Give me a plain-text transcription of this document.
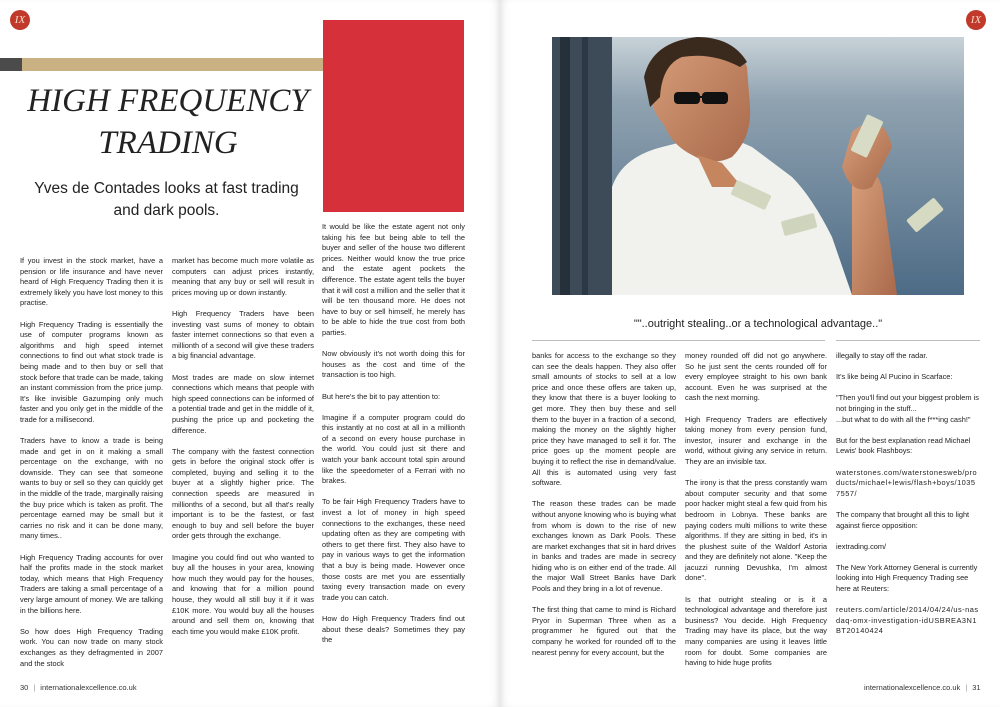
IX
HIGH FREQUENCY
TRADING
Yves de Contades looks at fast trading and dark pools.

If you invest in the stock market, have a pension or life insurance and have never heard of High Frequency Trading then it is extremely likely you have lost money to this practise.

High Frequency Trading is essentially the use of computer programs known as algorithms and high speed internet connections to find out what stock trade is being made and to then buy or sell that stock before that trade can be made, taking an instant commission from the price jump. It's like invisible Gazumping only much faster and you only get in the middle of the trade for a millisecond.

Traders have to know a trade is being made and get in on it making a small percentage on the exchange, with no downside. They can see that someone wants to buy or sell so they can quickly get in the middle of the trade, marginally raising the buy price which is taken as profit. The percentage earned may be small but it carries no risk and it can be done many, many times..

High Frequency Trading accounts for over half the profits made in the stock market today, which means that High Frequency Traders are taking a small percentage of a very large amount of money. We are talking in the billions here.

So how does High Frequency Trading work. You can now trade on many stock exchanges as they defragmented in 2007 and the stock

market has become much more volatile as computers can adjust prices instantly, meaning that any buy or sell will result in prices moving up or down instantly.

High Frequency Traders have been investing vast sums of money to obtain faster internet connections so that even a millionth of a second will give these traders a big financial advantage.

Most trades are made on slow internet connections which means that people with high speed connections can be informed of a potential trade and get in the middle of it, pushing the price up and pocketing the difference.

The company with the fastest connection gets in before the original stock offer is completed, buying and selling it to the buyer at a slightly higher price. The connection speeds are measured in millionths of a second, but all that's really important is to be the fastest, or fast enough to buy and sell before the buyer order gets through the exchange.

Imagine you could find out who wanted to buy all the houses in your area, knowing how much they would pay for the houses, and knowing that for a million pound house, they would all still buy it if it was £10K more. You would buy all the houses around and sell them on, knowing that each time you would make £10K profit.

It would be like the estate agent not only taking his fee but being able to tell the buyer and seller of the house two different prices. Neither would know the true price and the estate agent pockets the difference. The estate agent tells the buyer that it will cost a million and the seller that it will be ten thousand more. He does not have to buy or sell himself, he merely has to be able to hide the true cost from both parties.

Now obviously it's not worth doing this for houses as the cost and time of the transaction is too high.

But here's the bit to pay attention to:

Imagine if a computer program could do this instantly at no cost at all in a millionth of a second on every house purchase in the world. You could just sit there and watch your bank account total spin around like the speedometer of a Ferrari with no brakes.

To be fair High Frequency Traders have to invest a lot of money in high speed connections to the exchanges, these need updating often as they are competing with others to get there first. They also have to pay in various ways to get the information that a buy is being made. However once those costs are met you are essentially taxing every transaction made on every trade you can catch.

How do High Frequency Traders find out about these deals? Sometimes they pay the

30 | internationalexcellence.co.uk
IX

""..outright stealing..or a technological advantage.."

banks for access to the exchange so they can see the deals happen. They also offer small amounts of stocks to sell at a low price and once these offers are taken up, they know that there is a buyer looking to get more. They then buy these and sell them to the buyer in a fraction of a second, making the money on the slightly higher price they have managed to sell it for. The price goes up the moment people are buying it to reflect the rise in demand/value. All this is automated using very fast software.

The reason these trades can be made without anyone knowing who is buying what from whom is down to the rise of new exchanges known as Dark Pools. These are market exchanges that sit in hard drives in banks and trades are made in secrecy hiding who is on either end of the trade. All the major Wall Street Banks have Dark Pools and they bring in a lot of revenue.

The first thing that came to mind is Richard Pryor in Superman Three when as a programmer he figured out that the company he worked for rounded off to the nearest penny for every account, but the

money rounded off did not go anywhere. So he just sent the cents rounded off for every employee straight to his own bank account. Even he was surprised at the cash the next morning.

High Frequency Traders are effectively taking money from every pension fund, investor, insurer and exchange in the world, without giving any service in return. They are an invisible tax.

The irony is that the press constantly warn about computer security and that some poor hacker might steal a few quid from his bedroom in Lobnya. These banks are paying coders multi millions to write these algorithms. If they are sitting in bed, it's in the plushest suite of the Waldorf Astoria and they are definitely not alone. "Keep the jacuzzi running Devushka, I'm almost done".

Is that outright stealing or is it a technological advantage and therefore just business? You decide. High Frequency Trading may have its place, but the way many companies are using it leaves little room for doubt. Some companies are having to hide huge profits

illegally to stay off the radar.

It's like being Al Pucino in Scarface:

"Then you'll find out your biggest problem is not bringing in the stuff...

...but what to do with all the f***ing cash!"

But for the best explanation read Michael Lewis' book Flashboys:

waterstones.com/waterstonesweb/products/michael+lewis/flash+boys/10357557/

The company that brought all this to light against fierce opposition:

iextrading.com/

The New York Attorney General is currently looking into High Frequency Trading see here at Reuters:

reuters.com/article/2014/04/24/us-nasdaq-omx-investigation-idUSBREA3N1BT20140424

internationalexcellence.co.uk | 31
